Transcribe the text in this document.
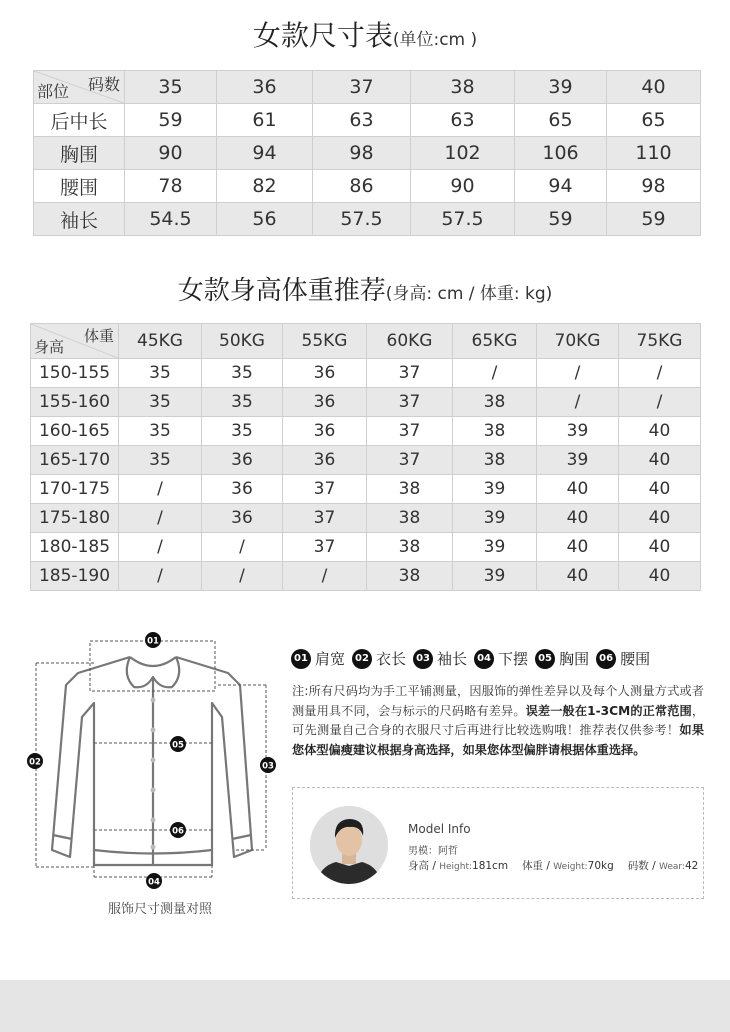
女款尺寸表(单位:cm )
码数
部位	35	36	37	38	39	40
后中长	59	61	63	63	65	65
胸围	90	94	98	102	106	110
腰围	78	82	86	90	94	98
袖长	54.5	56	57.5	57.5	59	59
女款身高体重推荐(身高: cm / 体重: kg)
体重
身高	45KG	50KG	55KG	60KG	65KG	70KG	75KG
150-155	35	35	36	37	/	/	/
155-160	35	35	36	37	38	/	/
160-165	35	35	36	37	38	39	40
165-170	35	36	36	37	38	39	40
170-175	/	36	37	38	39	40	40
175-180	/	36	37	38	39	40	40
180-185	/	/	37	38	39	40	40
185-190	/	/	/	38	39	40	40
01
02	03
04
05
06
服饰尺寸测量对照
01 肩宽	02 衣长	03 袖长	04 下摆	05 胸围	06 腰围
注:所有尺码均为手工平铺测量，因服饰的弹性差异以及每个人测量方式或者测量用具不同，会与标示的尺码略有差异。误差一般在1-3CM的正常范围，可先测量自己合身的衣服尺寸后再进行比较选购哦！推荐表仅供参考！如果您体型偏瘦建议根据身高选择，如果您体型偏胖请根据体重选择。
Model Info
男模：阿哲
身高 / Height:181cm 体重 / Weight:70kg 码数 / Wear:42
